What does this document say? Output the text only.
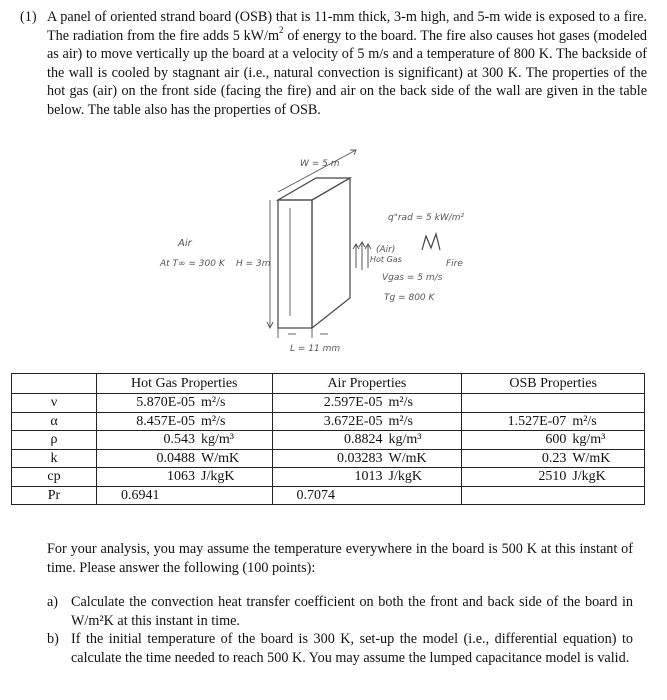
(1) A panel of oriented strand board (OSB) that is 11-mm thick, 3-m high, and 5-m wide is exposed to a fire. The radiation from the fire adds 5 $kW/m^2$ of energy to the board. The fire also causes hot gases (modeled as air) to move vertically up the board at a velocity of 5 m/s and a temperature of 800 K. The backside of the wall is cooled by stagnant air (i.e., natural convection is significant) at 300 K. The properties of the hot gas (air) on the front side (facing the fire) and air on the back side of the wall are given in the table below. The table also has the properties of OSB.
W = 5 m
L = 11 mm
Air
At T∞ = 300 K H = 3m
q"rad = 5 kW/m²
(Air)
Hot Gas	Fire
Vgas = 5 m/s
Tg = 800 K
	Hot Gas Properties	Air Properties	OSB Properties
ν	5.870E-05 m²/s	2.597E-05 m²/s	
α	8.457E-05 m²/s	3.672E-05 m²/s	1.527E-07 m²/s
ρ	0.543 kg/m³	0.8824 kg/m³	600 kg/m³
k	0.0488 W/mK	0.03283 W/mK	0.23 W/mK
cp	1063 J/kgK	1013 J/kgK	2510 J/kgK
Pr	0.6941	0.7074	
For your analysis, you may assume the temperature everywhere in the board is 500 K at this instant of time. Please answer the following (100 points):
a) Calculate the convection heat transfer coefficient on both the front and back side of the board in W/m²K at this instant in time.
b) If the initial temperature of the board is 300 K, set-up the model (i.e., differential equation) to calculate the time needed to reach 500 K. You may assume the lumped capacitance model is valid.
